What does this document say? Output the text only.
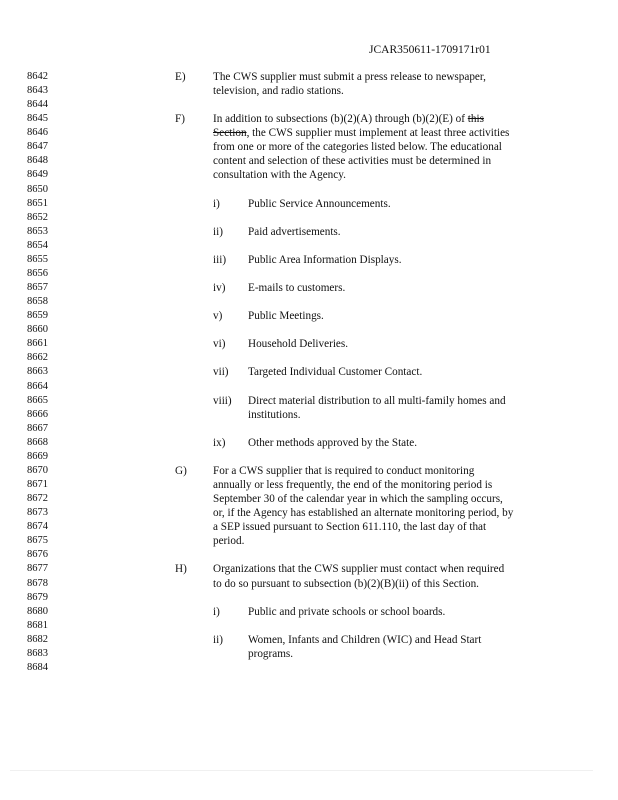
JCAR350611-1709171r01
8642
8643
8644
8645
8646
8647
8648
8649
8650
8651
8652
8653
8654
8655
8656
8657
8658
8659
8660
8661
8662
8663
8664
8665
8666
8667
8668
8669
8670
8671
8672
8673
8674
8675
8676
8677
8678
8679
8680
8681
8682
8683
8684
E) The CWS supplier must submit a press release to newspaper,
television, and radio stations.
F)	In addition to subsections (b)(2)(A) through (b)(2)(E) of this
Section, the CWS supplier must implement at least three activities
from one or more of the categories listed below. The educational
content and selection of these activities must be determined in
consultation with the Agency.
i)	Public Service Announcements.
ii) Paid advertisements.
iii) Public Area Information Displays.
iv) E-mails to customers.
v) Public Meetings.
vi) Household Deliveries.
vii) Targeted Individual Customer Contact.
viii) Direct material distribution to all multi-family homes and
institutions.
ix) Other methods approved by the State.
G) For a CWS supplier that is required to conduct monitoring
annually or less frequently, the end of the monitoring period is
September 30 of the calendar year in which the sampling occurs,
or, if the Agency has established an alternate monitoring period, by
a SEP issued pursuant to Section 611.110, the last day of that
period.
H) Organizations that the CWS supplier must contact when required
to do so pursuant to subsection (b)(2)(B)(ii) of this Section.
i)	Public and private schools or school boards.
ii) Women, Infants and Children (WIC) and Head Start
programs.
